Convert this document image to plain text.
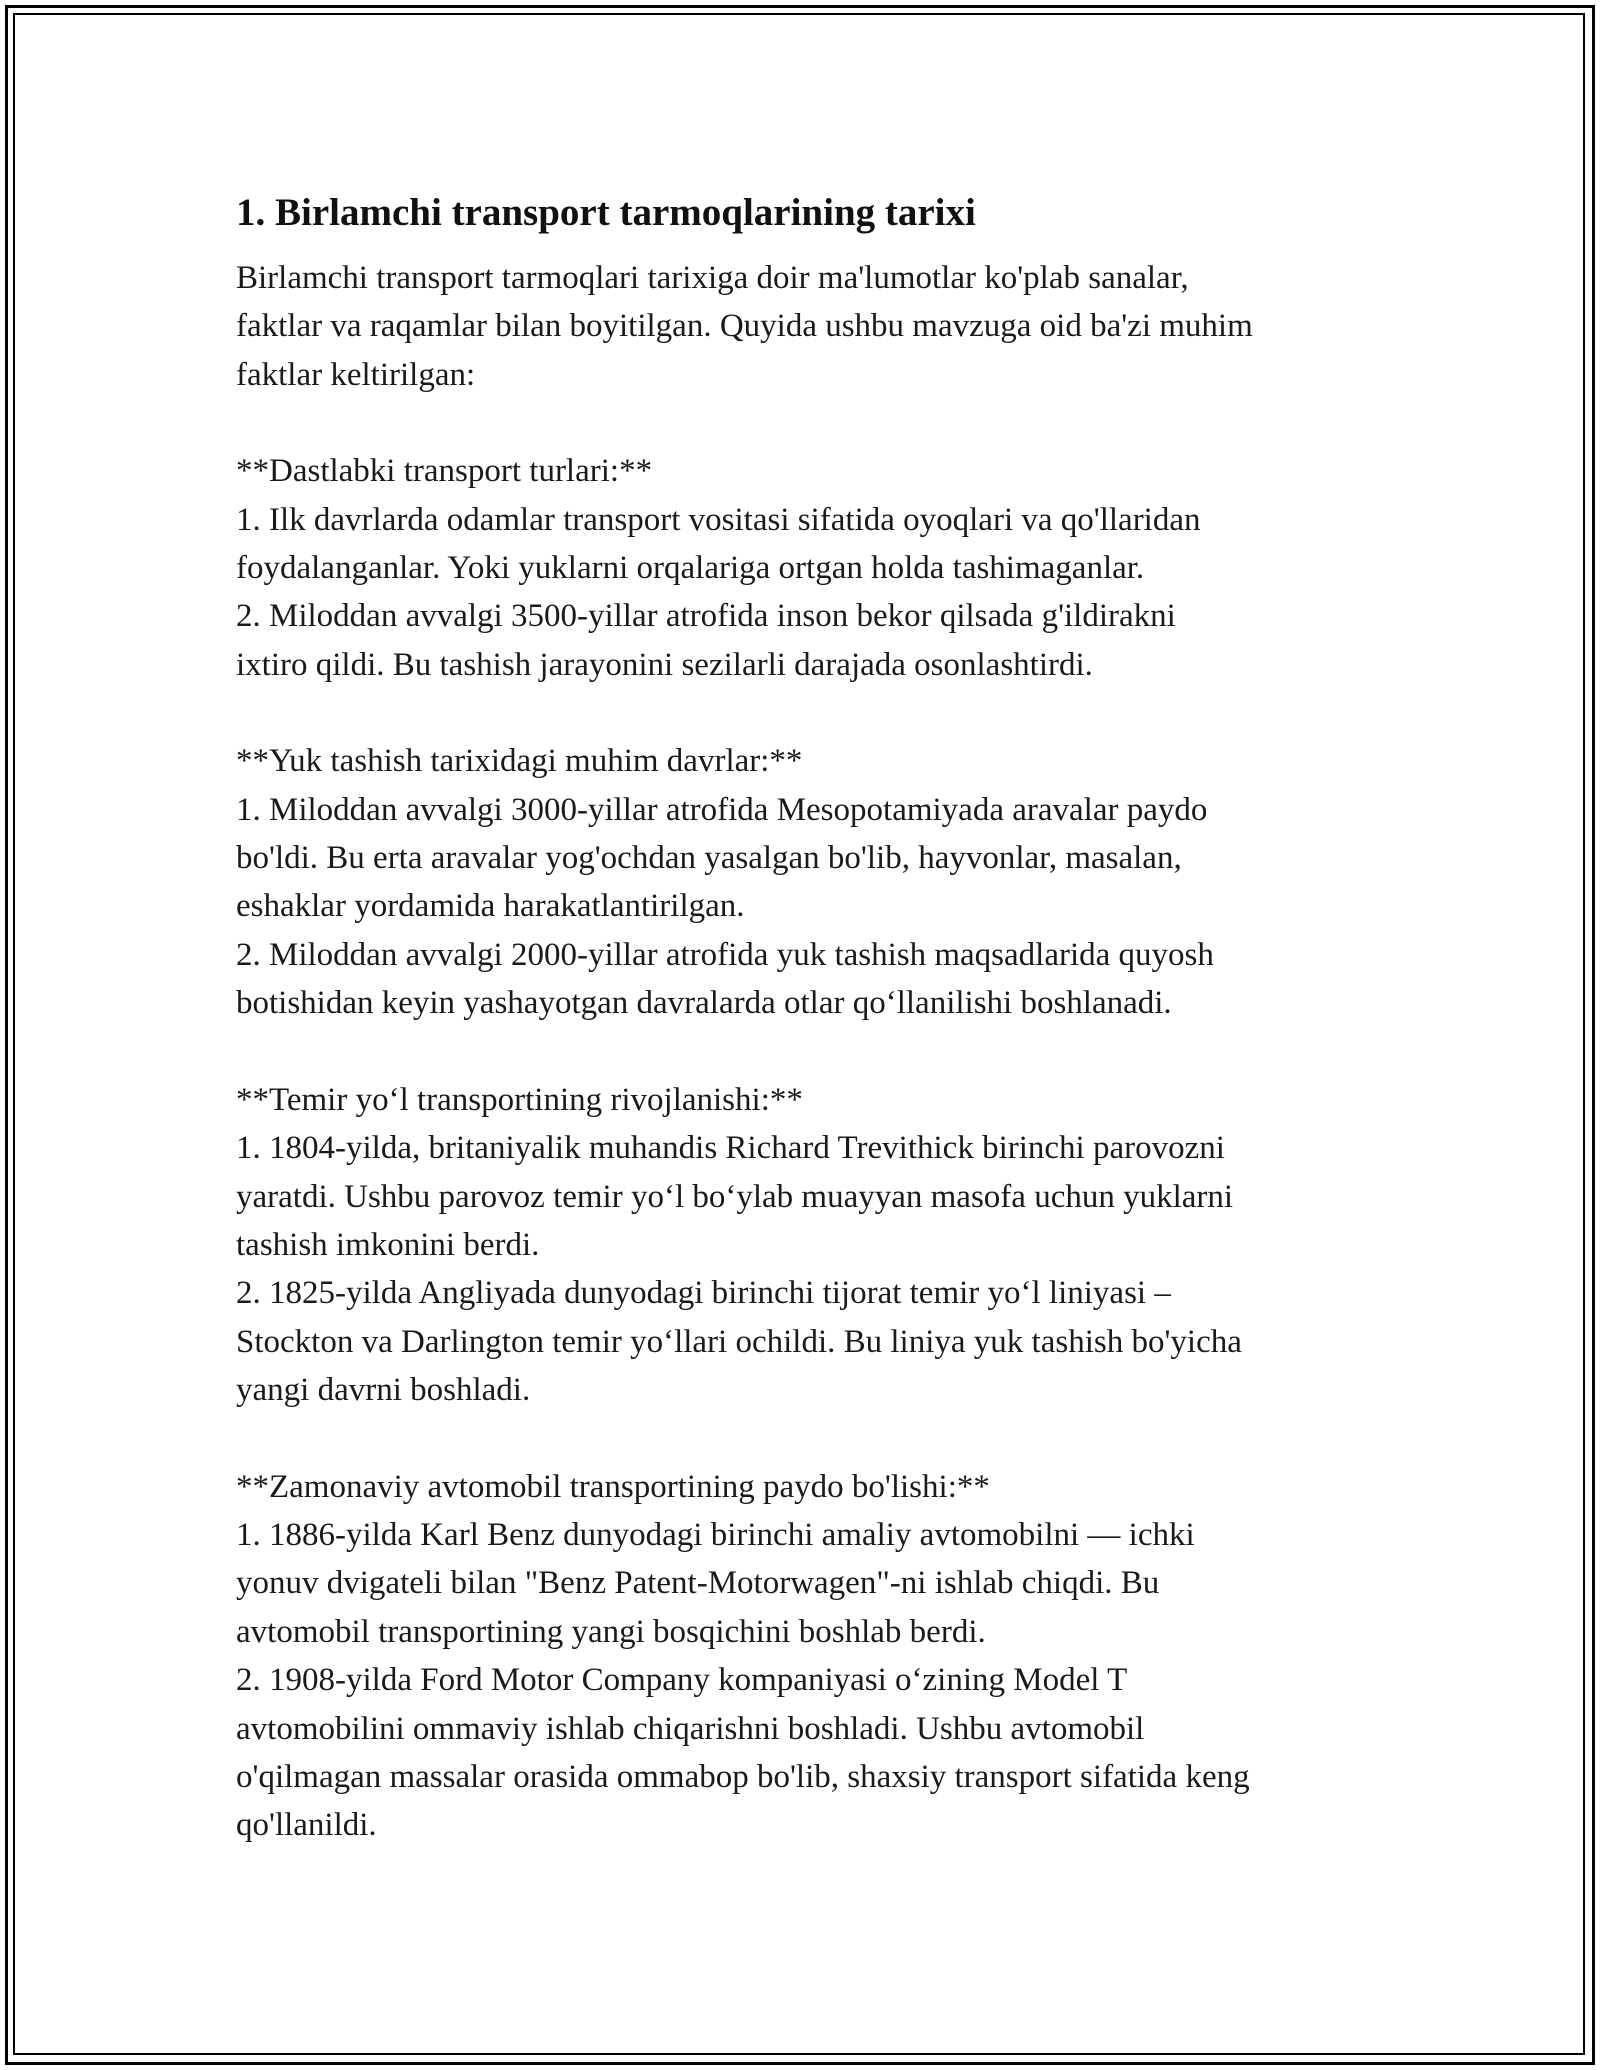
1. Birlamchi transport tarmoqlarining tarixi

Birlamchi transport tarmoqlari tarixiga doir ma'lumotlar ko'plab sanalar,
faktlar va raqamlar bilan boyitilgan. Quyida ushbu mavzuga oid ba'zi muhim
faktlar keltirilgan:

**Dastlabki transport turlari:**

1. Ilk davrlarda odamlar transport vositasi sifatida oyoqlari va qo'llaridan
foydalanganlar. Yoki yuklarni orqalariga ortgan holda tashimaganlar.

2. Miloddan avvalgi 3500-yillar atrofida inson bekor qilsada g'ildirakni
ixtiro qildi. Bu tashish jarayonini sezilarli darajada osonlashtirdi.

**Yuk tashish tarixidagi muhim davrlar:**

1. Miloddan avvalgi 3000-yillar atrofida Mesopotamiyada aravalar paydo
bo'ldi. Bu erta aravalar yog'ochdan yasalgan bo'lib, hayvonlar, masalan,
eshaklar yordamida harakatlantirilgan.

2. Miloddan avvalgi 2000-yillar atrofida yuk tashish maqsadlarida quyosh
botishidan keyin yashayotgan davralarda otlar qo‘llanilishi boshlanadi.

**Temir yo‘l transportining rivojlanishi:**

1. 1804-yilda, britaniyalik muhandis Richard Trevithick birinchi parovozni
yaratdi. Ushbu parovoz temir yo‘l bo‘ylab muayyan masofa uchun yuklarni
tashish imkonini berdi.

2. 1825-yilda Angliyada dunyodagi birinchi tijorat temir yo‘l liniyasi –
Stockton va Darlington temir yo‘llari ochildi. Bu liniya yuk tashish bo'yicha
yangi davrni boshladi.

**Zamonaviy avtomobil transportining paydo bo'lishi:**

1. 1886-yilda Karl Benz dunyodagi birinchi amaliy avtomobilni — ichki
yonuv dvigateli bilan "Benz Patent-Motorwagen"-ni ishlab chiqdi. Bu
avtomobil transportining yangi bosqichini boshlab berdi.

2. 1908-yilda Ford Motor Company kompaniyasi o‘zining Model T
avtomobilini ommaviy ishlab chiqarishni boshladi. Ushbu avtomobil
o'qilmagan massalar orasida ommabop bo'lib, shaxsiy transport sifatida keng
qo'llanildi.
